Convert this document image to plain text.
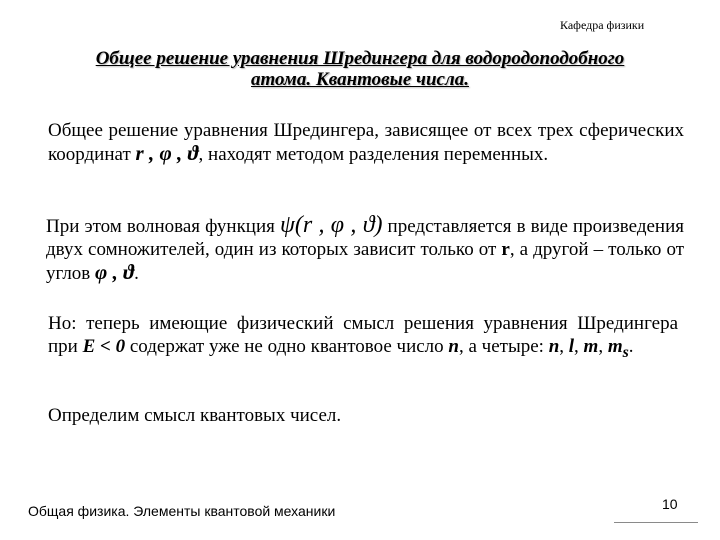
Кафедра физики
Общее решение уравнения Шредингера для водородоподобного
атома. Квантовые числа.
Общее решение уравнения Шредингера, зависящее от всех трех сферических координат r , φ , ϑ, находят методом разделения переменных.
При этом волновая функция ψ(r , φ , ϑ) представляется в виде произведения двух сомножителей, один из которых зависит только от r, а другой – только от углов φ , ϑ.
Но: теперь имеющие физический смысл решения уравнения Шредингера при E < 0 содержат уже не одно квантовое число n, а четыре: n, l, m, $m_s$.
Определим смысл квантовых чисел.
Общая физика. Элементы квантовой механики	10
